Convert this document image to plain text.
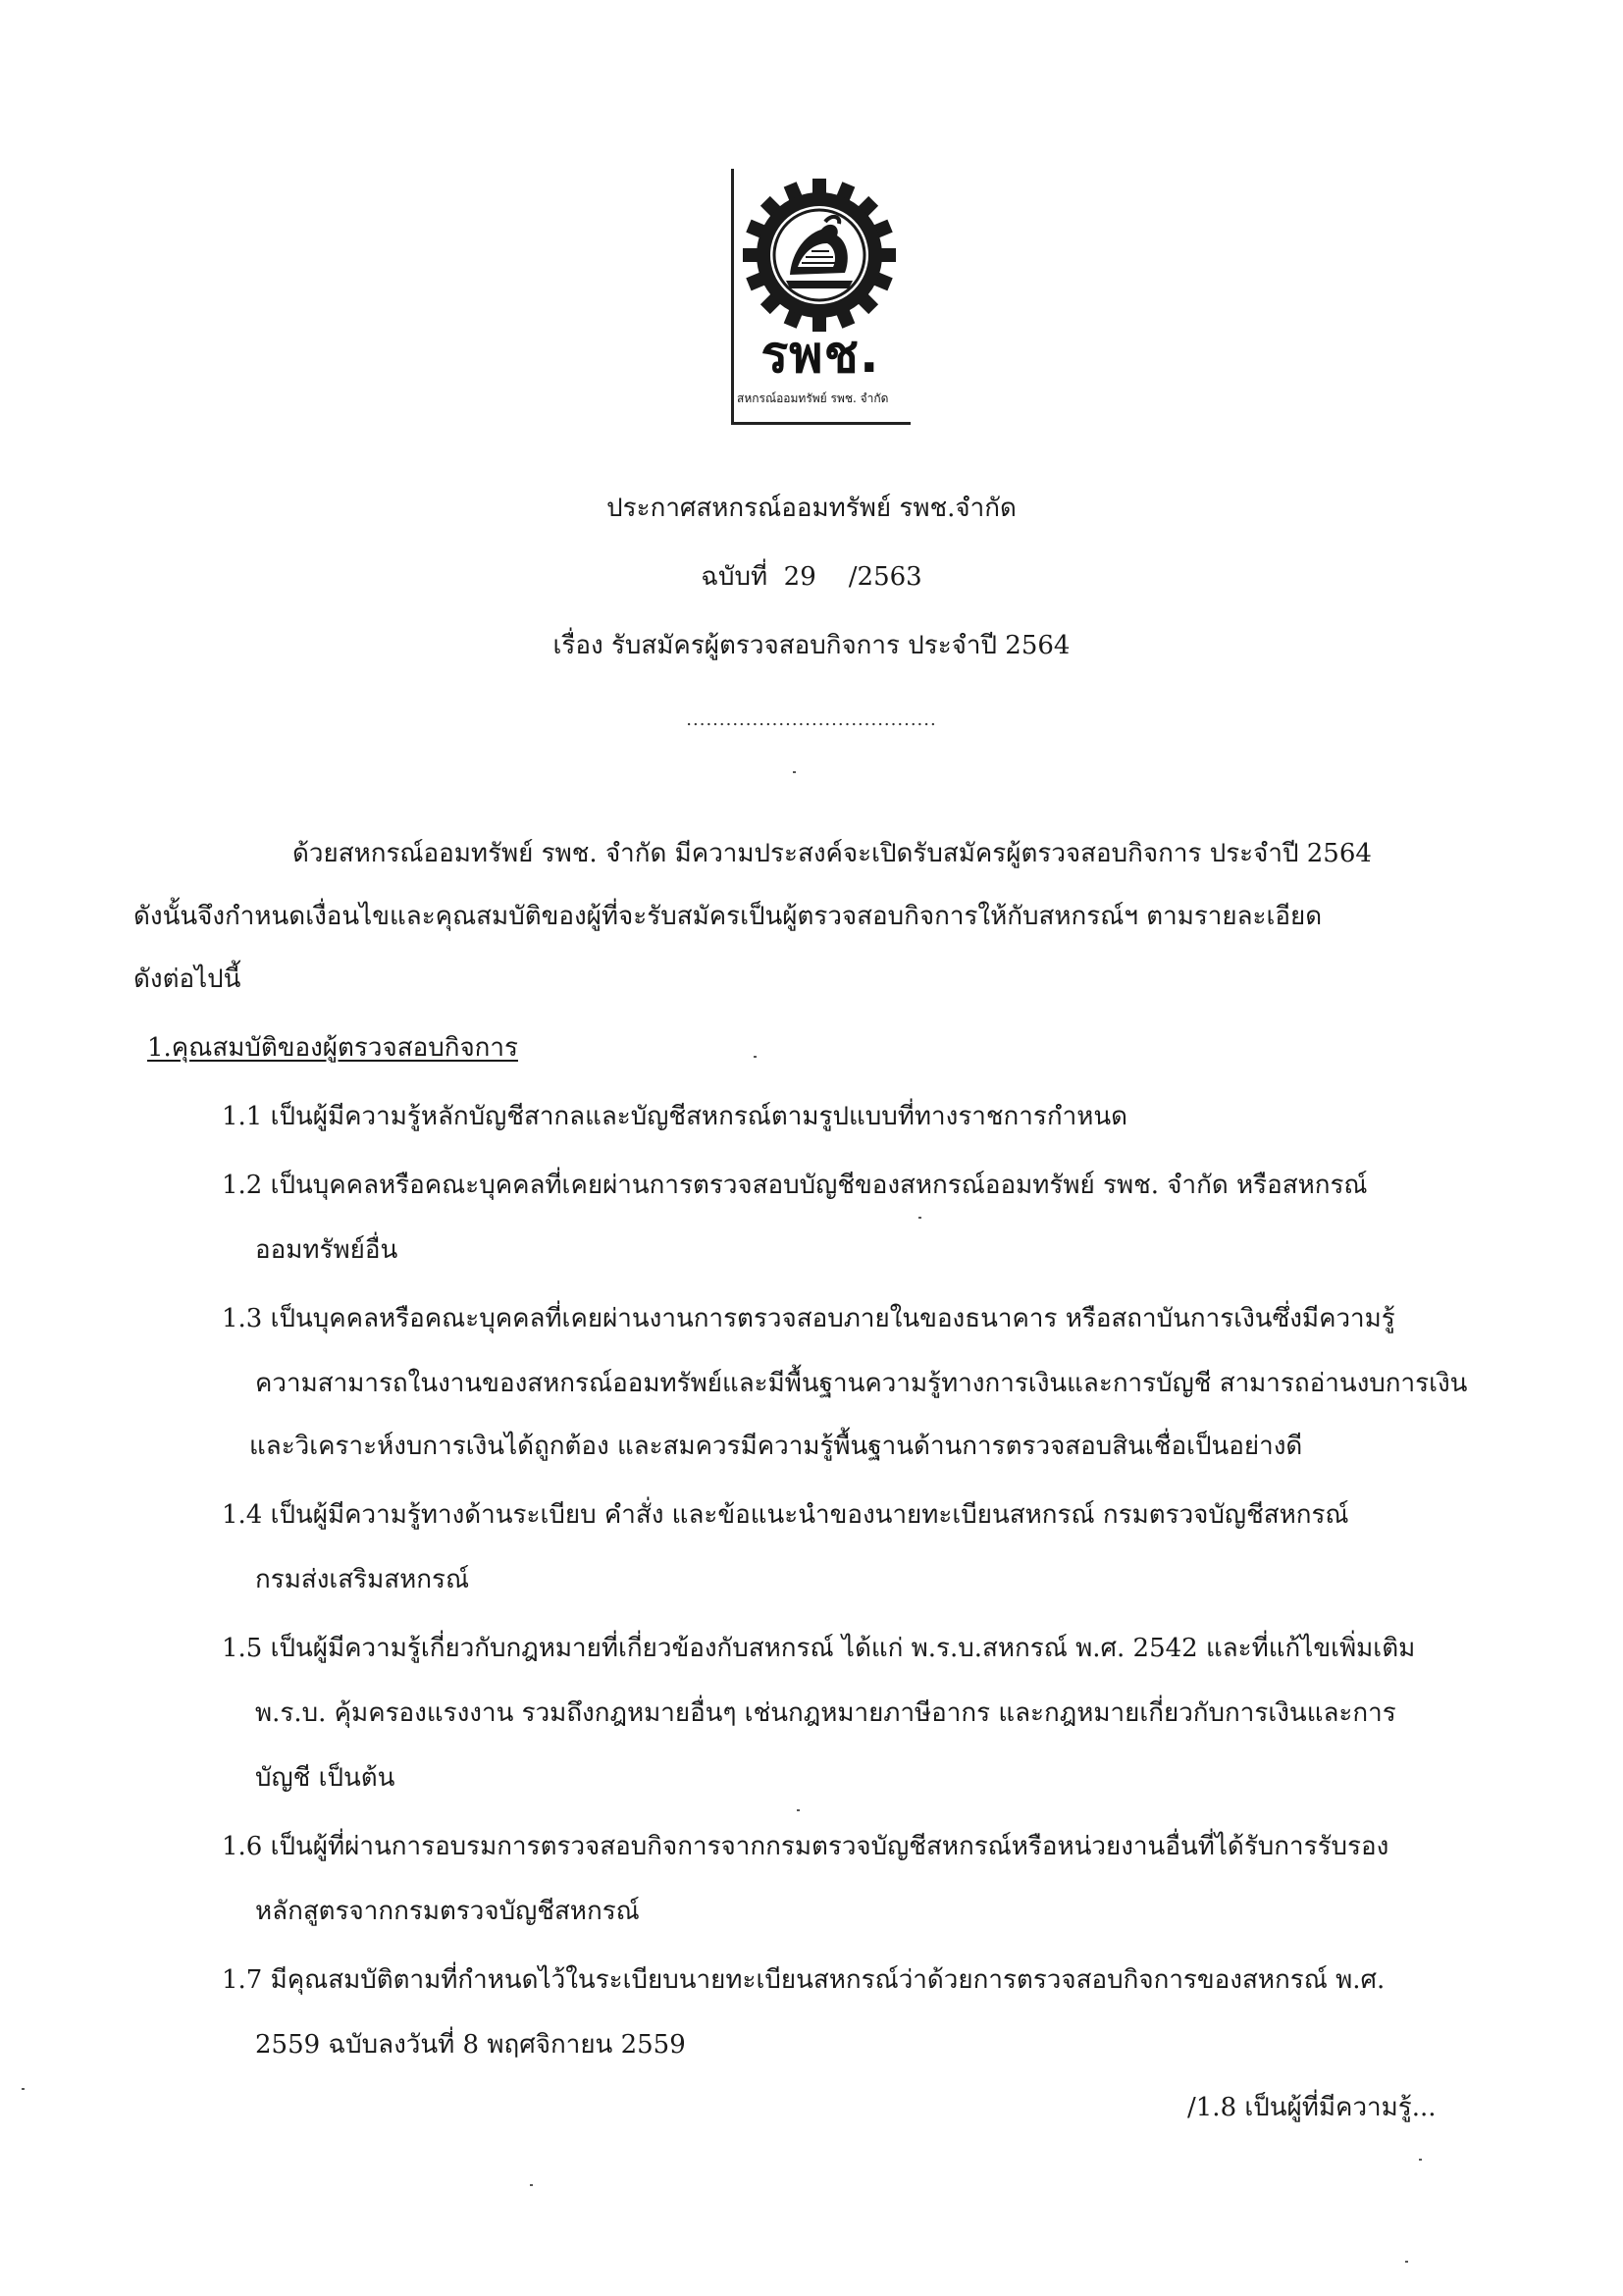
รพช.
สหกรณ์ออมทรัพย์ รพช. จำกัด
ประกาศสหกรณ์ออมทรัพย์ รพช.จำกัด
ฉบับที่  29    /2563
เรื่อง รับสมัครผู้ตรวจสอบกิจการ ประจำปี 2564
......................................
ด้วยสหกรณ์ออมทรัพย์ รพช. จำกัด มีความประสงค์จะเปิดรับสมัครผู้ตรวจสอบกิจการ ประจำปี 2564
ดังนั้นจึงกำหนดเงื่อนไขและคุณสมบัติของผู้ที่จะรับสมัครเป็นผู้ตรวจสอบกิจการให้กับสหกรณ์ฯ ตามรายละเอียด
ดังต่อไปนี้
1.คุณสมบัติของผู้ตรวจสอบกิจการ
1.1 เป็นผู้มีความรู้หลักบัญชีสากลและบัญชีสหกรณ์ตามรูปแบบที่ทางราชการกำหนด
1.2 เป็นบุคคลหรือคณะบุคคลที่เคยผ่านการตรวจสอบบัญชีของสหกรณ์ออมทรัพย์ รพช. จำกัด หรือสหกรณ์
ออมทรัพย์อื่น
1.3 เป็นบุคคลหรือคณะบุคคลที่เคยผ่านงานการตรวจสอบภายในของธนาคาร หรือสถาบันการเงินซึ่งมีความรู้
ความสามารถในงานของสหกรณ์ออมทรัพย์และมีพื้นฐานความรู้ทางการเงินและการบัญชี สามารถอ่านงบการเงิน
และวิเคราะห์งบการเงินได้ถูกต้อง และสมควรมีความรู้พื้นฐานด้านการตรวจสอบสินเชื่อเป็นอย่างดี
1.4 เป็นผู้มีความรู้ทางด้านระเบียบ คำสั่ง และข้อแนะนำของนายทะเบียนสหกรณ์ กรมตรวจบัญชีสหกรณ์
กรมส่งเสริมสหกรณ์
1.5 เป็นผู้มีความรู้เกี่ยวกับกฎหมายที่เกี่ยวข้องกับสหกรณ์ ได้แก่ พ.ร.บ.สหกรณ์ พ.ศ. 2542 และที่แก้ไขเพิ่มเติม
พ.ร.บ. คุ้มครองแรงงาน รวมถึงกฎหมายอื่นๆ เช่นกฎหมายภาษีอากร และกฎหมายเกี่ยวกับการเงินและการ
บัญชี เป็นต้น
1.6 เป็นผู้ที่ผ่านการอบรมการตรวจสอบกิจการจากกรมตรวจบัญชีสหกรณ์หรือหน่วยงานอื่นที่ได้รับการรับรอง
หลักสูตรจากกรมตรวจบัญชีสหกรณ์
1.7 มีคุณสมบัติตามที่กำหนดไว้ในระเบียบนายทะเบียนสหกรณ์ว่าด้วยการตรวจสอบกิจการของสหกรณ์ พ.ศ.
2559 ฉบับลงวันที่ 8 พฤศจิกายน 2559
/1.8 เป็นผู้ที่มีความรู้...
